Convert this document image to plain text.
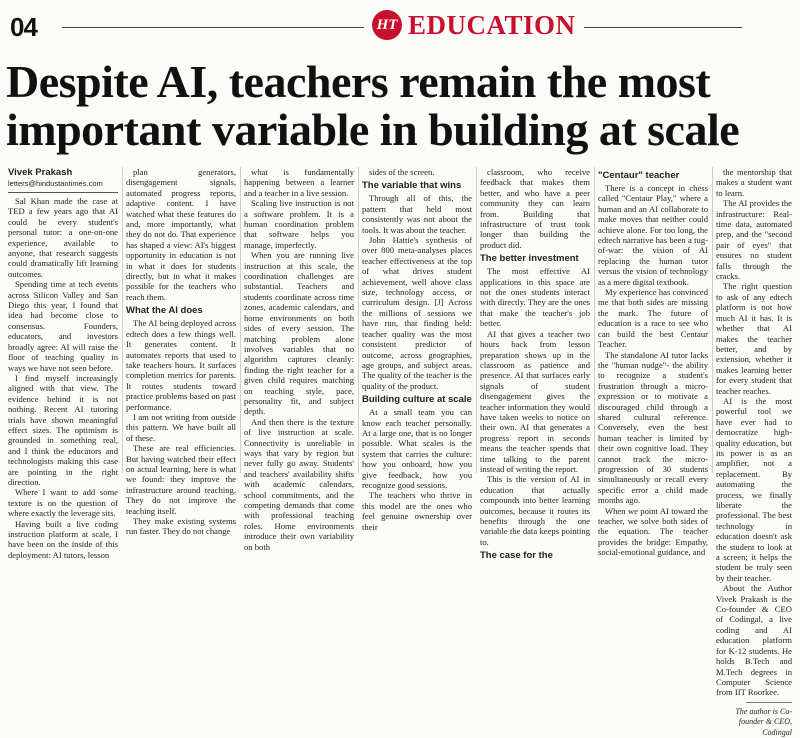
04	HT EDUCATION
Despite AI, teachers remain the most important variable in building at scale
Vivek Prakash
letters@hindustantimes.com

Sal Khan made the case at TED a few years ago that AI could be every student's personal tutor: a one-on-one experience, available to anyone, that research suggests could dramatically lift learning outcomes.

Spending time at tech events across Silicon Valley and San Diego this year, I found that idea had become close to consensus. Founders, educators, and investors broadly agree: AI will raise the floor of teaching quality in ways we have not seen before.

I find myself increasingly aligned with that view. The evidence behind it is not nothing. Recent AI tutoring trials have shown meaningful effect sizes. The optimism is grounded in something real, and I think the educators and technologists making this case are pointing in the right direction.

Where I want to add some texture is on the question of where exactly the leverage sits.

Having built a live coding instruction platform at scale, I have been on the inside of this deployment: AI tutors, lesson

plan generators, disengagement signals, automated progress reports, adaptive content. I have watched what these features do and, more importantly, what they do not do. That experience has shaped a view: AI's biggest opportunity in education is not in what it does for students directly, but in what it makes possible for the teachers who reach them.

What the AI does

The AI being deployed across edtech does a few things well. It generates content. It automates reports that used to take teachers hours. It surfaces completion metrics for parents. It routes students toward practice problems based on past performance.

I am not writing from outside this pattern. We have built all of these.

These are real efficiencies. But having watched their effect on actual learning, here is what we found: they improve the infrastructure around teaching. They do not improve the teaching itself.

They make existing systems run faster. They do not change

what is fundamentally happening between a learner and a teacher in a live session.

Scaling live instruction is not a software problem. It is a human coordination problem that software helps you manage, imperfectly.

When you are running live instruction at this scale, the coordination challenges are substantial. Teachers and students coordinate across time zones, academic calendars, and home environments on both sides of every session. The matching problem alone involves variables that no algorithm captures cleanly: finding the right teacher for a given child requires matching on teaching style, pace, personality fit, and subject depth.

And then there is the texture of live instruction at scale. Connectivity is unreliable in ways that vary by region but never fully go away. Students' and teachers' availability shifts with academic calendars, school commitments, and the competing demands that come with professional teaching roles. Home environments introduce their own variability on both

sides of the screen.

The variable that wins

Through all of this, the pattern that held most consistently was not about the tools. It was about the teacher.

John Hattie's synthesis of over 800 meta-analyses places teacher effectiveness at the top of what drives student achievement, well above class size, technology access, or curriculum design. [J] Across the millions of sessions we have run, that finding held: teacher quality was the most consistent predictor of outcome, across geographies, age groups, and subject areas. The quality of the teacher is the quality of the product.

Building culture at scale

At a small team you can know each teacher personally. At a large one, that is no longer possible. What scales is the system that carries the culture: how you onboard, how you give feedback, how you recognize good sessions.

The teachers who thrive in this model are the ones who feel genuine ownership over their

classroom, who receive feedback that makes them better, and who have a peer community they can learn from. Building that infrastructure of trust took longer than building the product did.

The better investment

The most effective AI applications in this space are not the ones students interact with directly. They are the ones that make the teacher's job better.

AI that gives a teacher two hours back from lesson preparation shows up in the classroom as patience and presence. AI that surfaces early signals of student disengagement gives the teacher information they would have taken weeks to notice on their own. AI that generates a progress report in seconds means the teacher spends that time talking to the parent instead of writing the report.

This is the version of AI in education that actually compounds into better learning outcomes, because it routes its benefits through the one variable the data keeps pointing to.

The case for the
"Centaur" teacher

There is a concept in chess called "Centaur Play," where a human and an AI collaborate to make moves that neither could achieve alone. For too long, the edtech narrative has been a tug-of-war: the vision of AI replacing the human tutor versus the vision of technology as a mere digital textbook.

My experience has convinced me that both sides are missing the mark. The future of education is a race to see who can build the best Centaur Teacher.

The standalone AI tutor lacks the "human nudge"- the ability to recognize a student's frustration through a micro-expression or to motivate a discouraged child through a shared cultural reference. Conversely, even the best human teacher is limited by their own cognitive load. They cannot track the micro-progression of 30 students simultaneously or recall every specific error a child made months ago.

When we point AI toward the teacher, we solve both sides of the equation. The teacher provides the bridge: Empathy, social-emotional guidance, and

the mentorship that makes a student want to learn.

The AI provides the infrastructure: Real-time data, automated prep, and the "second pair of eyes" that ensures no student falls through the cracks.

The right question to ask of any edtech platform is not how much AI it has. It is whether that AI makes the teacher better, and by extension, whether it makes learning better for every student that teacher reaches.

AI is the most powerful tool we have ever had to democratize high-quality education, but its power is as an amplifier, not a replacement. By automating the process, we finally liberate the professional. The best technology in education doesn't ask the student to look at a screen; it helps the student be truly seen by their teacher.

About the Author Vivek Prakash is the Co-founder & CEO of Codingal, a live coding and AI education platform for K-12 students. He holds B.Tech and M.Tech degrees in Computer Science from IIT Roorkee.

The author is Co-founder & CEO, Codingal
